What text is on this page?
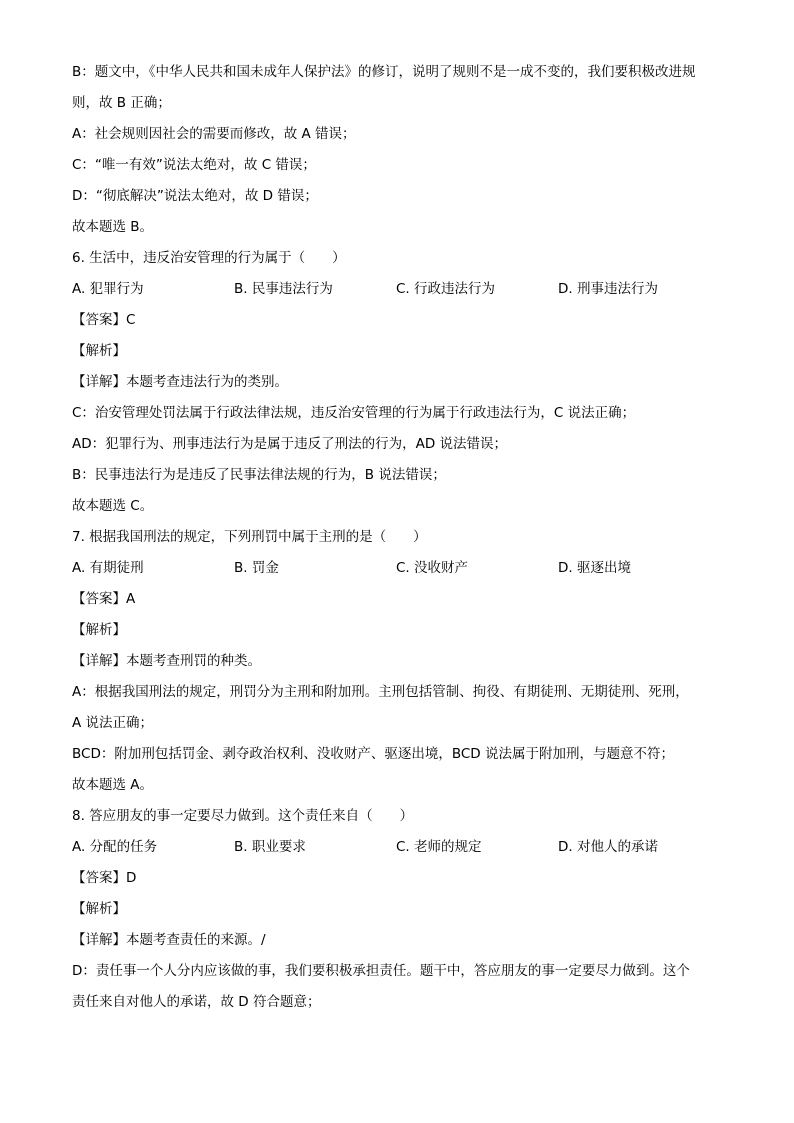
B：题文中，《中华人民共和国未成年人保护法》的修订，说明了规则不是一成不变的，我们要积极改进规
则，故 B 正确；
A：社会规则因社会的需要而修改，故 A 错误；
C：“唯一有效”说法太绝对，故 C 错误；
D：“彻底解决”说法太绝对，故 D 错误；
故本题选 B。
6. 生活中，违反治安管理的行为属于（　　）
A. 犯罪行为	B. 民事违法行为	C. 行政违法行为	D. 刑事违法行为
【答案】C
【解析】
【详解】本题考查违法行为的类别。
C：治安管理处罚法属于行政法律法规，违反治安管理的行为属于行政违法行为，C 说法正确；
AD：犯罪行为、刑事违法行为是属于违反了刑法的行为，AD 说法错误；
B：民事违法行为是违反了民事法律法规的行为，B 说法错误；
故本题选 C。
7. 根据我国刑法的规定，下列刑罚中属于主刑的是（　　）
A. 有期徒刑	B. 罚金	C. 没收财产	D. 驱逐出境
【答案】A
【解析】
【详解】本题考查刑罚的种类。
A：根据我国刑法的规定，刑罚分为主刑和附加刑。主刑包括管制、拘役、有期徒刑、无期徒刑、死刑，
A 说法正确；
BCD：附加刑包括罚金、剥夺政治权利、没收财产、驱逐出境，BCD 说法属于附加刑，与题意不符；
故本题选 A。
8. 答应朋友的事一定要尽力做到。这个责任来自（　　）
A. 分配的任务	B. 职业要求	C. 老师的规定	D. 对他人的承诺
【答案】D
【解析】
【详解】本题考查责任的来源。/
D：责任事一个人分内应该做的事，我们要积极承担责任。题干中，答应朋友的事一定要尽力做到。这个
责任来自对他人的承诺，故 D 符合题意；
